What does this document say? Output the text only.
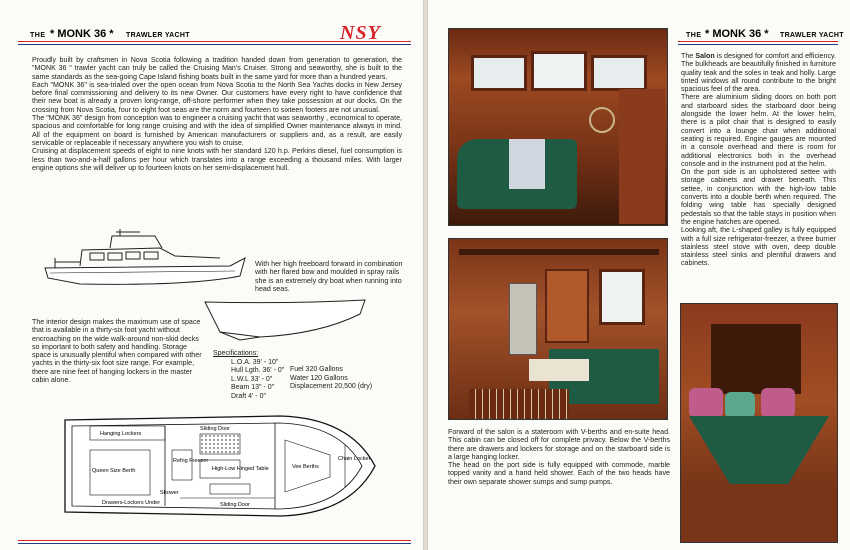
THE * MONK 36 * TRAWLER YACHT	NSY

Proudly built by craftsmen in Nova Scotia following a tradition handed down from generation to generation, the "MONK 36 " trawler yacht can truly be called the Cruising Man's Cruiser. Strong and seaworthy, she is built to the same standards as the sea-going Cape Island fishing boats built in the same yard for more than a hundred years.

Each "MONK 36" is sea-trialed over the open ocean from Nova Scotia to the North Sea Yachts docks in New Jersey before final commissioning and delivery to its new Owner. Our customers have every right to have confidence that their new boat is already a proven long-range, off-shore performer when they take possession at our docks. On the crossing from Nova Scotia, four to eight foot seas are the norm and fourteen to sixteen footers are not unusual.

The "MONK 36" design from conception was to engineer a cruising yacht that was seaworthy , economical to operate, spacious and comfortable for long range cruising and with the idea of simplified Owner maintenance always in mind. All of the equipment on board is furnished by American manufacturers or suppliers and, as a result, are easily servicable or replaceable if necessary anywhere you wish to cruise.

Cruising at displacement speeds of eight to nine knots with her standard 120 h.p. Perkins diesel, fuel consumption is less than two-and-a-half gallons per hour which translates into a range exceeding a thousand miles. With larger engine options she will deliver up to fourteen knots on her semi-displacement hull.

With her high freeboard forward in combination with her flared bow and moulded in spray rails she is an extremely dry boat when running into head seas.
The interior design makes the maximum use of space that is available in a thirty-six foot yacht without encroaching on the wide walk-around non-skid decks so important to both safety and handling. Storage space is unusually plentiful when compared with other yachts in the thirty-six foot size range. For example, there are nine feet of hanging lockers in the master cabin alone.
Specifications:
L.O.A. 39' - 10"
Hull Lgth. 36' - 0"
L.W.L 33' - 0"
Beam 13" - 0"
Draft 4' - 0"
Fuel 320 Gallons
Water 120 Gallons
Displacement 20,500 (dry)
Hanging Lockers
Sliding Door
Queen Size Berth
Refrig Freezer
High-Low Hinged Table	Vee Berths
Chain Locker
Shower
Drawers-Lockers Under	Sliding Door
THE * MONK 36 * TRAWLER YACHT

The Salon is designed for comfort and efficiency. The bulkheads are beautifully finished in furniture quality teak and the soles in teak and holly. Large tinted windows all round contribute to the bright spacious feel of the area.

There are aluminium sliding doors on both port and starboard sides the starboard door being alongside the lower helm. At the lower helm, there is a pilot chair that is designed to easily convert into a lounge chair when additional seating is required. Engine gauges are mounted in a console overhead and there is room for additional electronics both in the overhead console and in the instrument pod at the helm.

On the port side is an upholstered settee with storage cabinets and drawer beneath. This settee, in conjunction with the high-low table converts into a double berth when required. The folding wing table has specially designed pedestals so that the table stays in position when the engine hatches are opened.

Looking aft, the L-shaped galley is fully equipped with a full size refrigerator-freezer, a three burner stainless steel stove with oven, deep double stainless steel sinks and plentiful drawers and cabinets.

Forward of the salon is a stateroom with V-berths and en-suite head. This cabin can be closed off for complete privacy. Below the V-berths there are drawers and lockers for storage and on the starboard side is a large hanging locker.

The head on the port side is fully equipped with commode, marble topped vanity and a hand held shower. Each of the two heads have their own separate shower sumps and sump pumps.
